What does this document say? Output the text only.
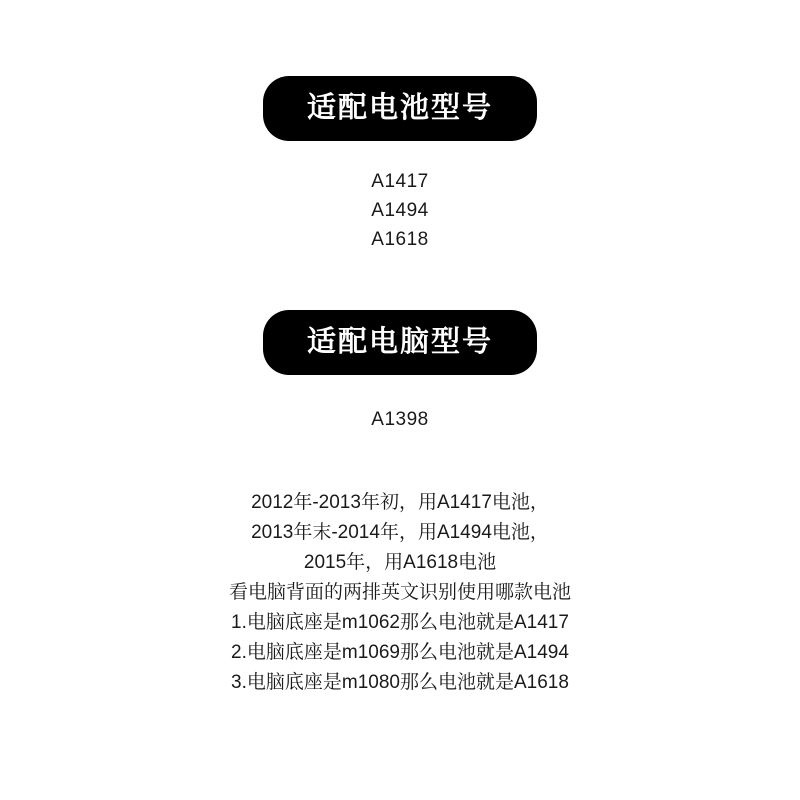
适配电池型号
A1417
A1494
A1618
适配电脑型号
A1398
2012年-2013年初，用A1417电池，
2013年末-2014年，用A1494电池，
2015年，用A1618电池
看电脑背面的两排英文识别使用哪款电池
1.电脑底座是m1062那么电池就是A1417
2.电脑底座是m1069那么电池就是A1494
3.电脑底座是m1080那么电池就是A1618
